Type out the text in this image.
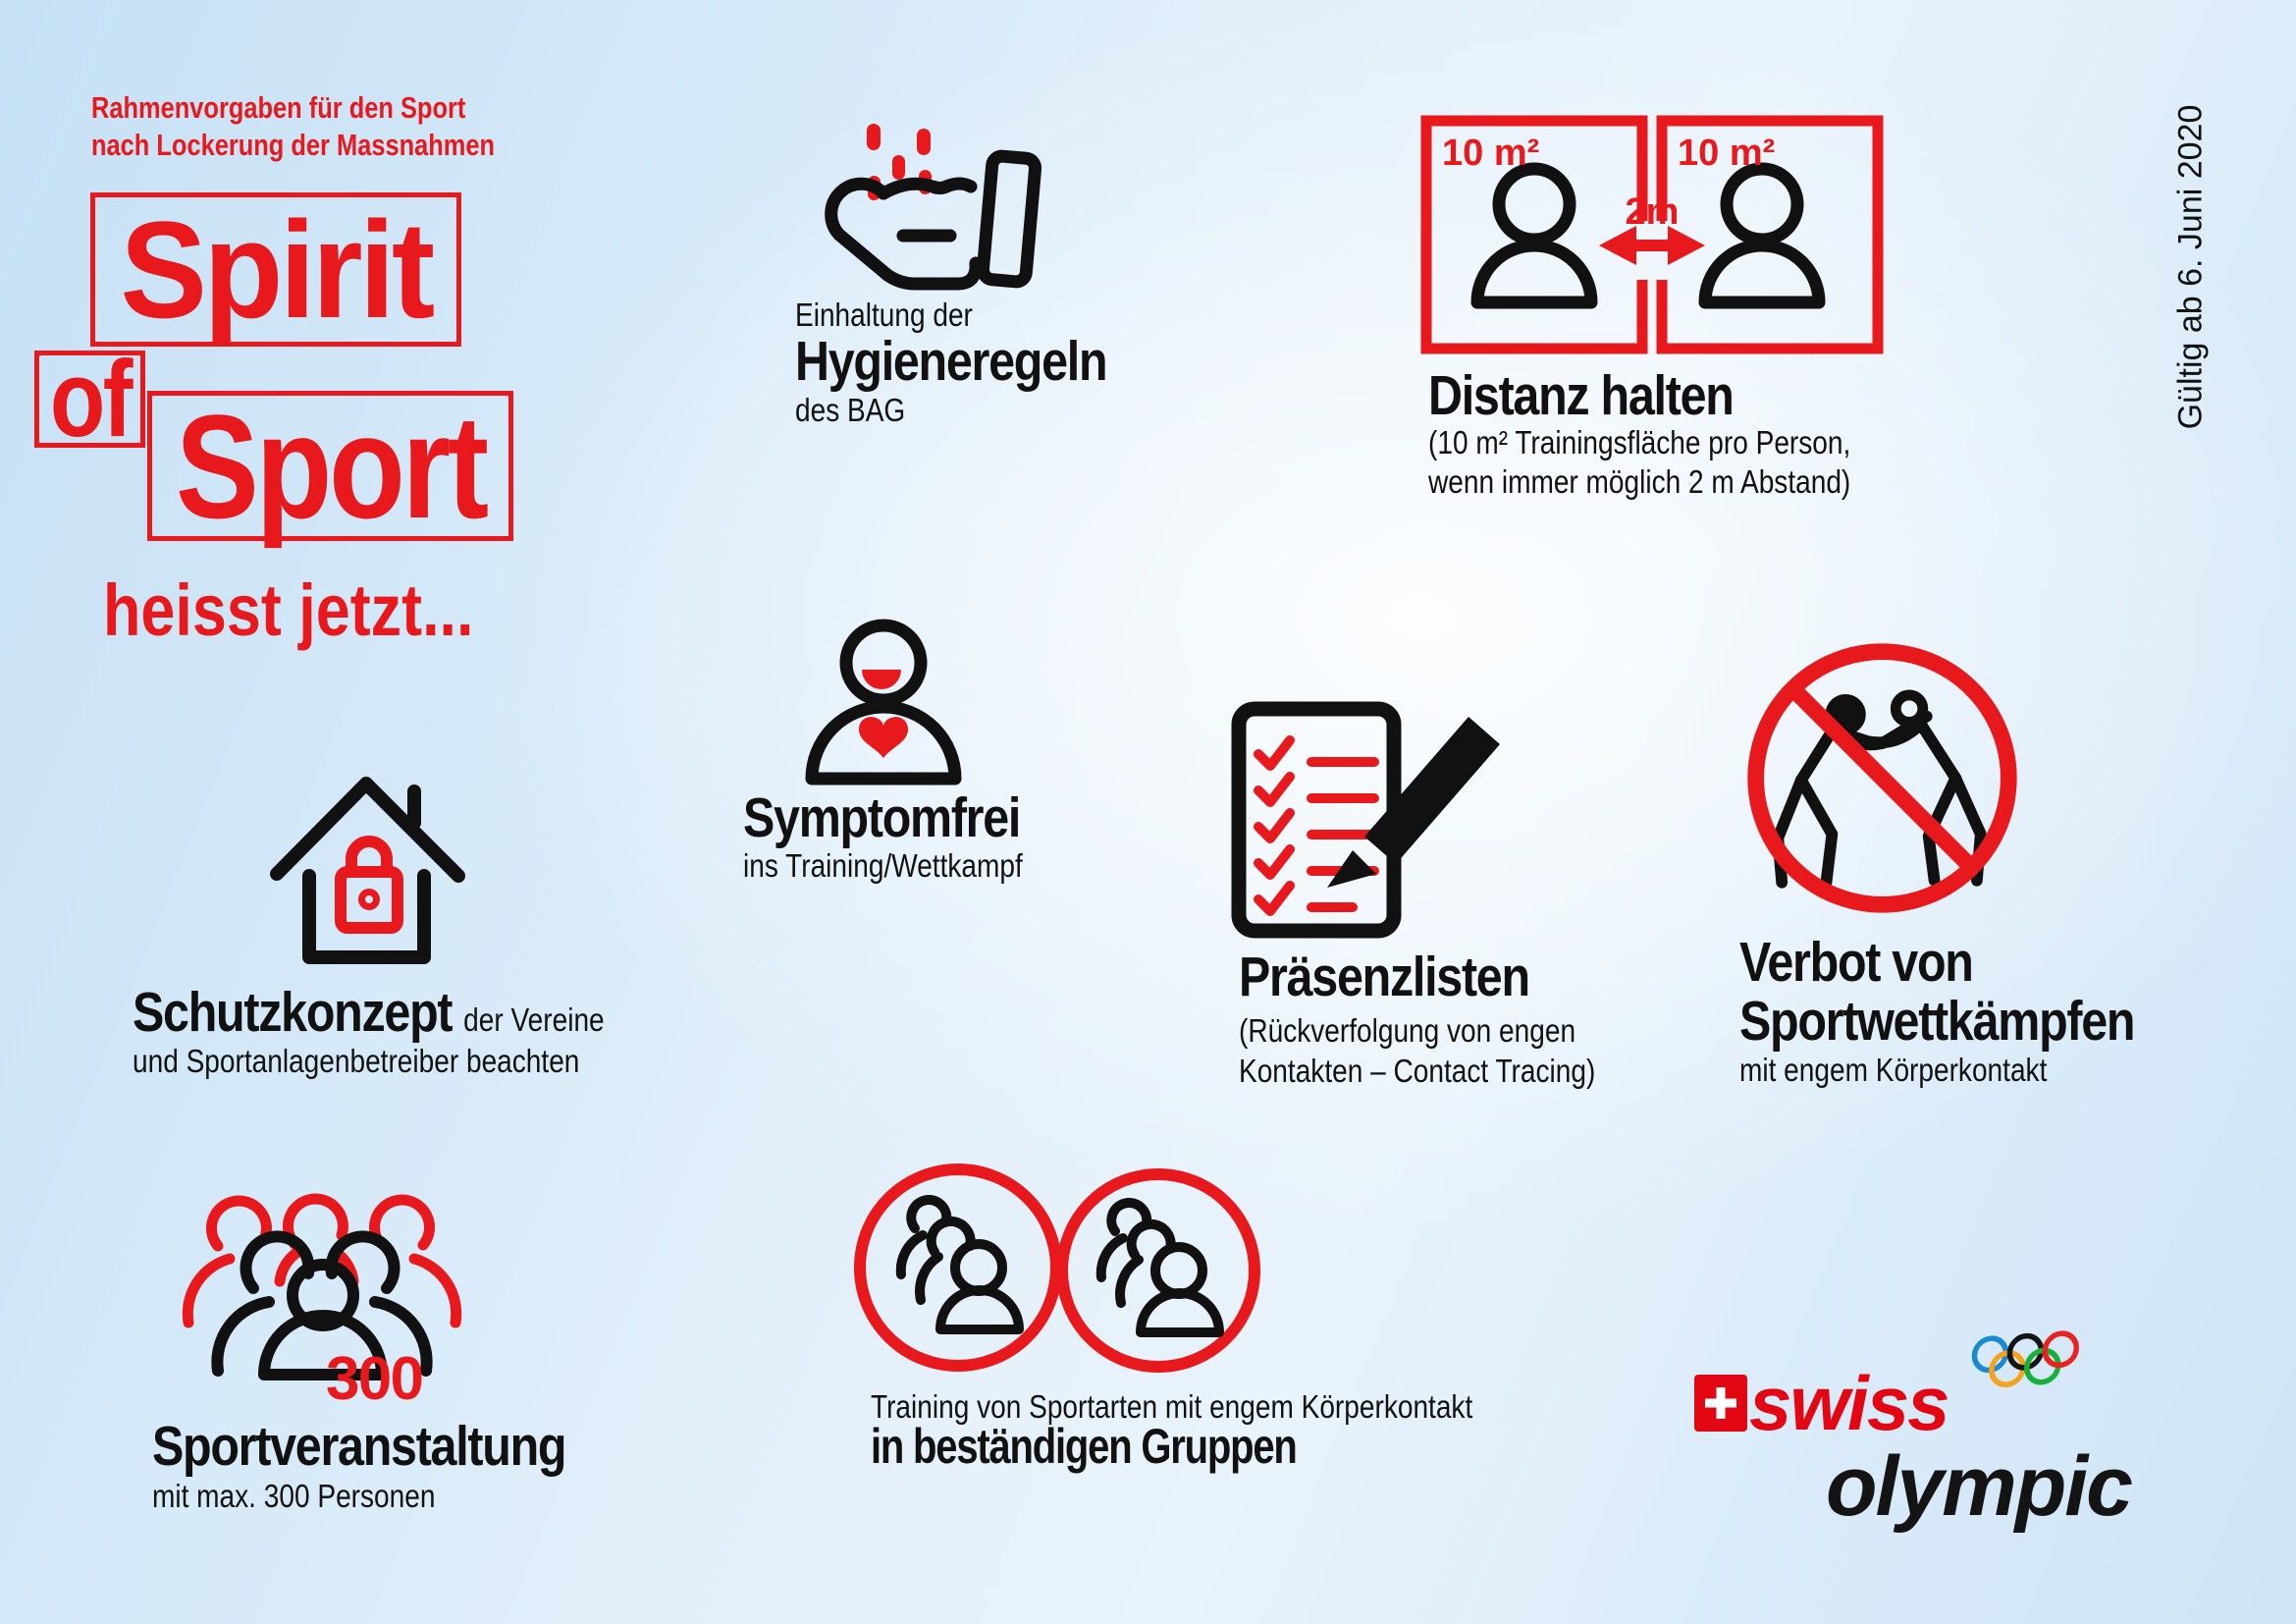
Rahmenvorgaben für den Sport
nach Lockerung der Massnahmen
Spirit
of Sport
heisst jetzt...
Gültig ab 6. Juni 2020
Einhaltung der
Hygieneregeln
des BAG
10 m²	10 m²
2m
Distanz halten
(10 m² Trainingsfläche pro Person,
wenn immer möglich 2 m Abstand)
Schutzkonzept der Vereine
und Sportanlagenbetreiber beachten
Symptomfrei
ins Training/Wettkampf
Präsenzlisten
(Rückverfolgung von engen
Kontakten – Contact Tracing)
Verbot von
Sportwettkämpfen
mit engem Körperkontakt
300
Sportveranstaltung
mit max. 300 Personen
Training von Sportarten mit engem Körperkontakt
in beständigen Gruppen	swiss
olympic
